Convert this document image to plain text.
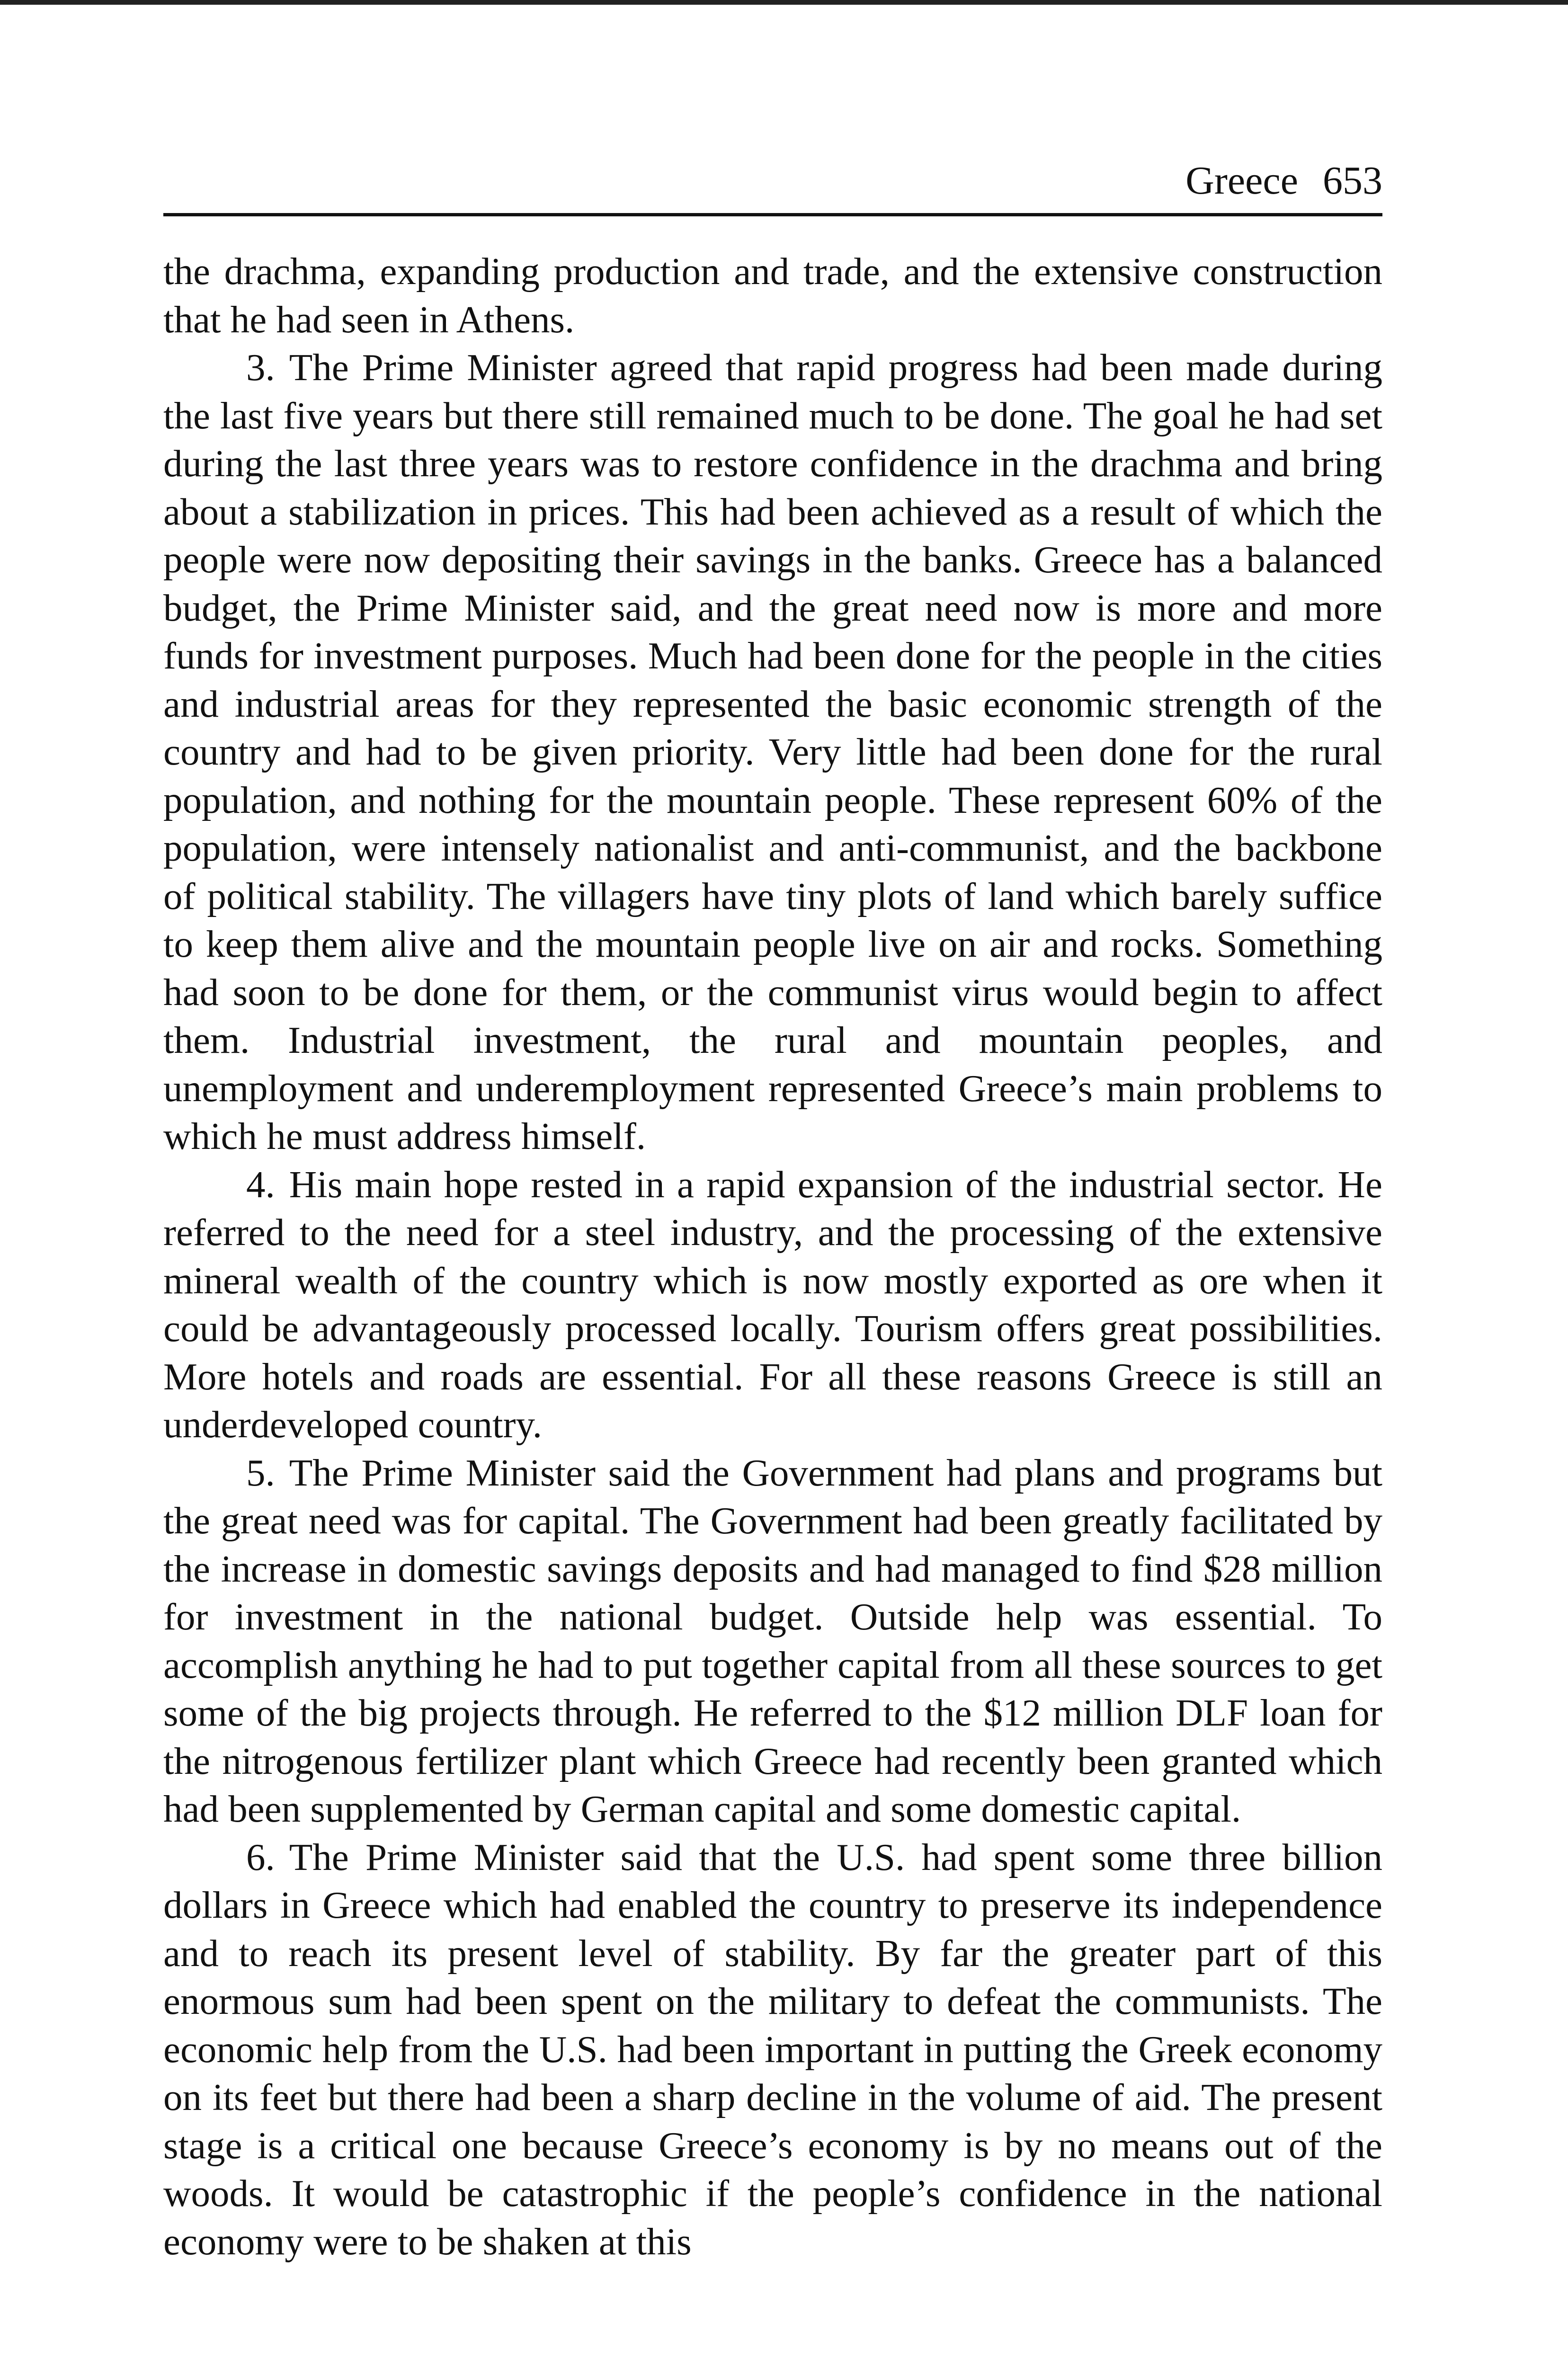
Greece 653

the drachma, expanding production and trade, and the extensive construction that he had seen in Athens.

3. The Prime Minister agreed that rapid progress had been made during the last five years but there still remained much to be done. The goal he had set during the last three years was to restore confidence in the drachma and bring about a stabilization in prices. This had been achieved as a result of which the people were now depositing their savings in the banks. Greece has a balanced budget, the Prime Minister said, and the great need now is more and more funds for investment purposes. Much had been done for the people in the cities and industrial areas for they represented the basic economic strength of the country and had to be given priority. Very little had been done for the rural population, and nothing for the mountain people. These represent 60% of the population, were intensely nationalist and anti-communist, and the backbone of political stability. The villagers have tiny plots of land which barely suffice to keep them alive and the mountain people live on air and rocks. Something had soon to be done for them, or the communist virus would begin to affect them. Industrial investment, the rural and mountain peoples, and unemployment and underemployment represented Greece’s main problems to which he must address himself.

4. His main hope rested in a rapid expansion of the industrial sector. He referred to the need for a steel industry, and the processing of the extensive mineral wealth of the country which is now mostly exported as ore when it could be advantageously processed locally. Tourism offers great possibilities. More hotels and roads are essential. For all these reasons Greece is still an underdeveloped country.

5. The Prime Minister said the Government had plans and programs but the great need was for capital. The Government had been greatly facilitated by the increase in domestic savings deposits and had managed to find $28 million for investment in the national budget. Outside help was essential. To accomplish anything he had to put together capital from all these sources to get some of the big projects through. He referred to the $12 million DLF loan for the nitrogenous fertilizer plant which Greece had recently been granted which had been supplemented by German capital and some domestic capital.

6. The Prime Minister said that the U.S. had spent some three billion dollars in Greece which had enabled the country to preserve its independence and to reach its present level of stability. By far the greater part of this enormous sum had been spent on the military to defeat the communists. The economic help from the U.S. had been important in putting the Greek economy on its feet but there had been a sharp decline in the volume of aid. The present stage is a critical one because Greece’s economy is by no means out of the woods. It would be catastrophic if the people’s confidence in the national economy were to be shaken at this
